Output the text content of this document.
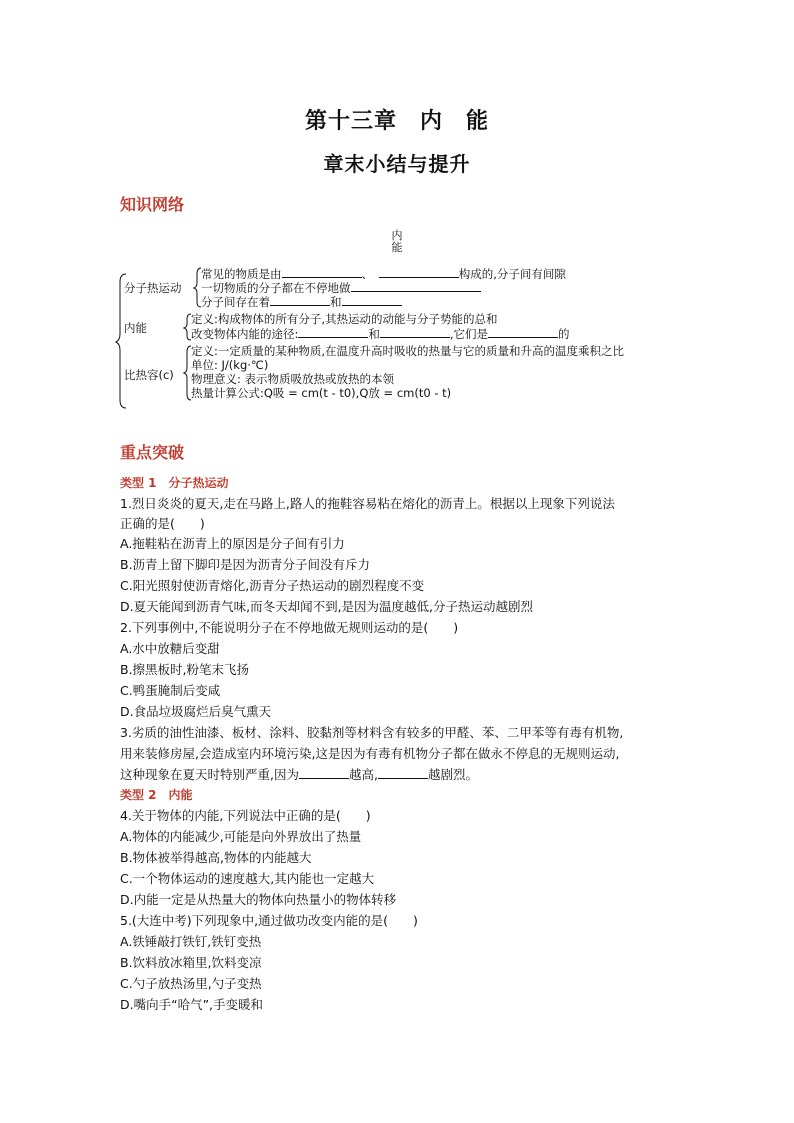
第十三章　内　能
章末小结与提升
知识网络
内
能
分子热运动
常见的物质是由	、　	构成的,分子间有间隙
一切物质的分子都在不停地做
分子间存在着	和
内能
定义:构成物体的所有分子,其热运动的动能与分子势能的总和
改变物体内能的途径:	和	,它们是	的
比热容(c)
定义:一定质量的某种物质,在温度升高时吸收的热量与它的质量和升高的温度乘积之比
单位: J/(kg·℃)
物理意义: 表示物质吸放热或放热的本领
热量计算公式:Q吸 = cm(t - t0),Q放 = cm(t0 - t)
重点突破
类型 1　分子热运动
1.烈日炎炎的夏天,走在马路上,路人的拖鞋容易粘在熔化的沥青上。根据以上现象下列说法
正确的是(　　)
A.拖鞋粘在沥青上的原因是分子间有引力
B.沥青上留下脚印是因为沥青分子间没有斥力
C.阳光照射使沥青熔化,沥青分子热运动的剧烈程度不变
D.夏天能闻到沥青气味,而冬天却闻不到,是因为温度越低,分子热运动越剧烈
2.下列事例中,不能说明分子在不停地做无规则运动的是(　　)
A.水中放糖后变甜
B.擦黑板时,粉笔末飞扬
C.鸭蛋腌制后变咸
D.食品垃圾腐烂后臭气熏天
3.劣质的油性油漆、板材、涂料、胶黏剂等材料含有较多的甲醛、苯、二甲苯等有毒有机物,
用来装修房屋,会造成室内环境污染,这是因为有毒有机物分子都在做永不停息的无规则运动,
这种现象在夏天时特别严重,因为	越高,	越剧烈。
类型 2　内能
4.关于物体的内能,下列说法中正确的是(　　)
A.物体的内能减少,可能是向外界放出了热量
B.物体被举得越高,物体的内能越大
C.一个物体运动的速度越大,其内能也一定越大
D.内能一定是从热量大的物体向热量小的物体转移
5.(大连中考)下列现象中,通过做功改变内能的是(　　)
A.铁锤敲打铁钉,铁钉变热
B.饮料放冰箱里,饮料变凉
C.勺子放热汤里,勺子变热
D.嘴向手“哈气”,手变暖和
